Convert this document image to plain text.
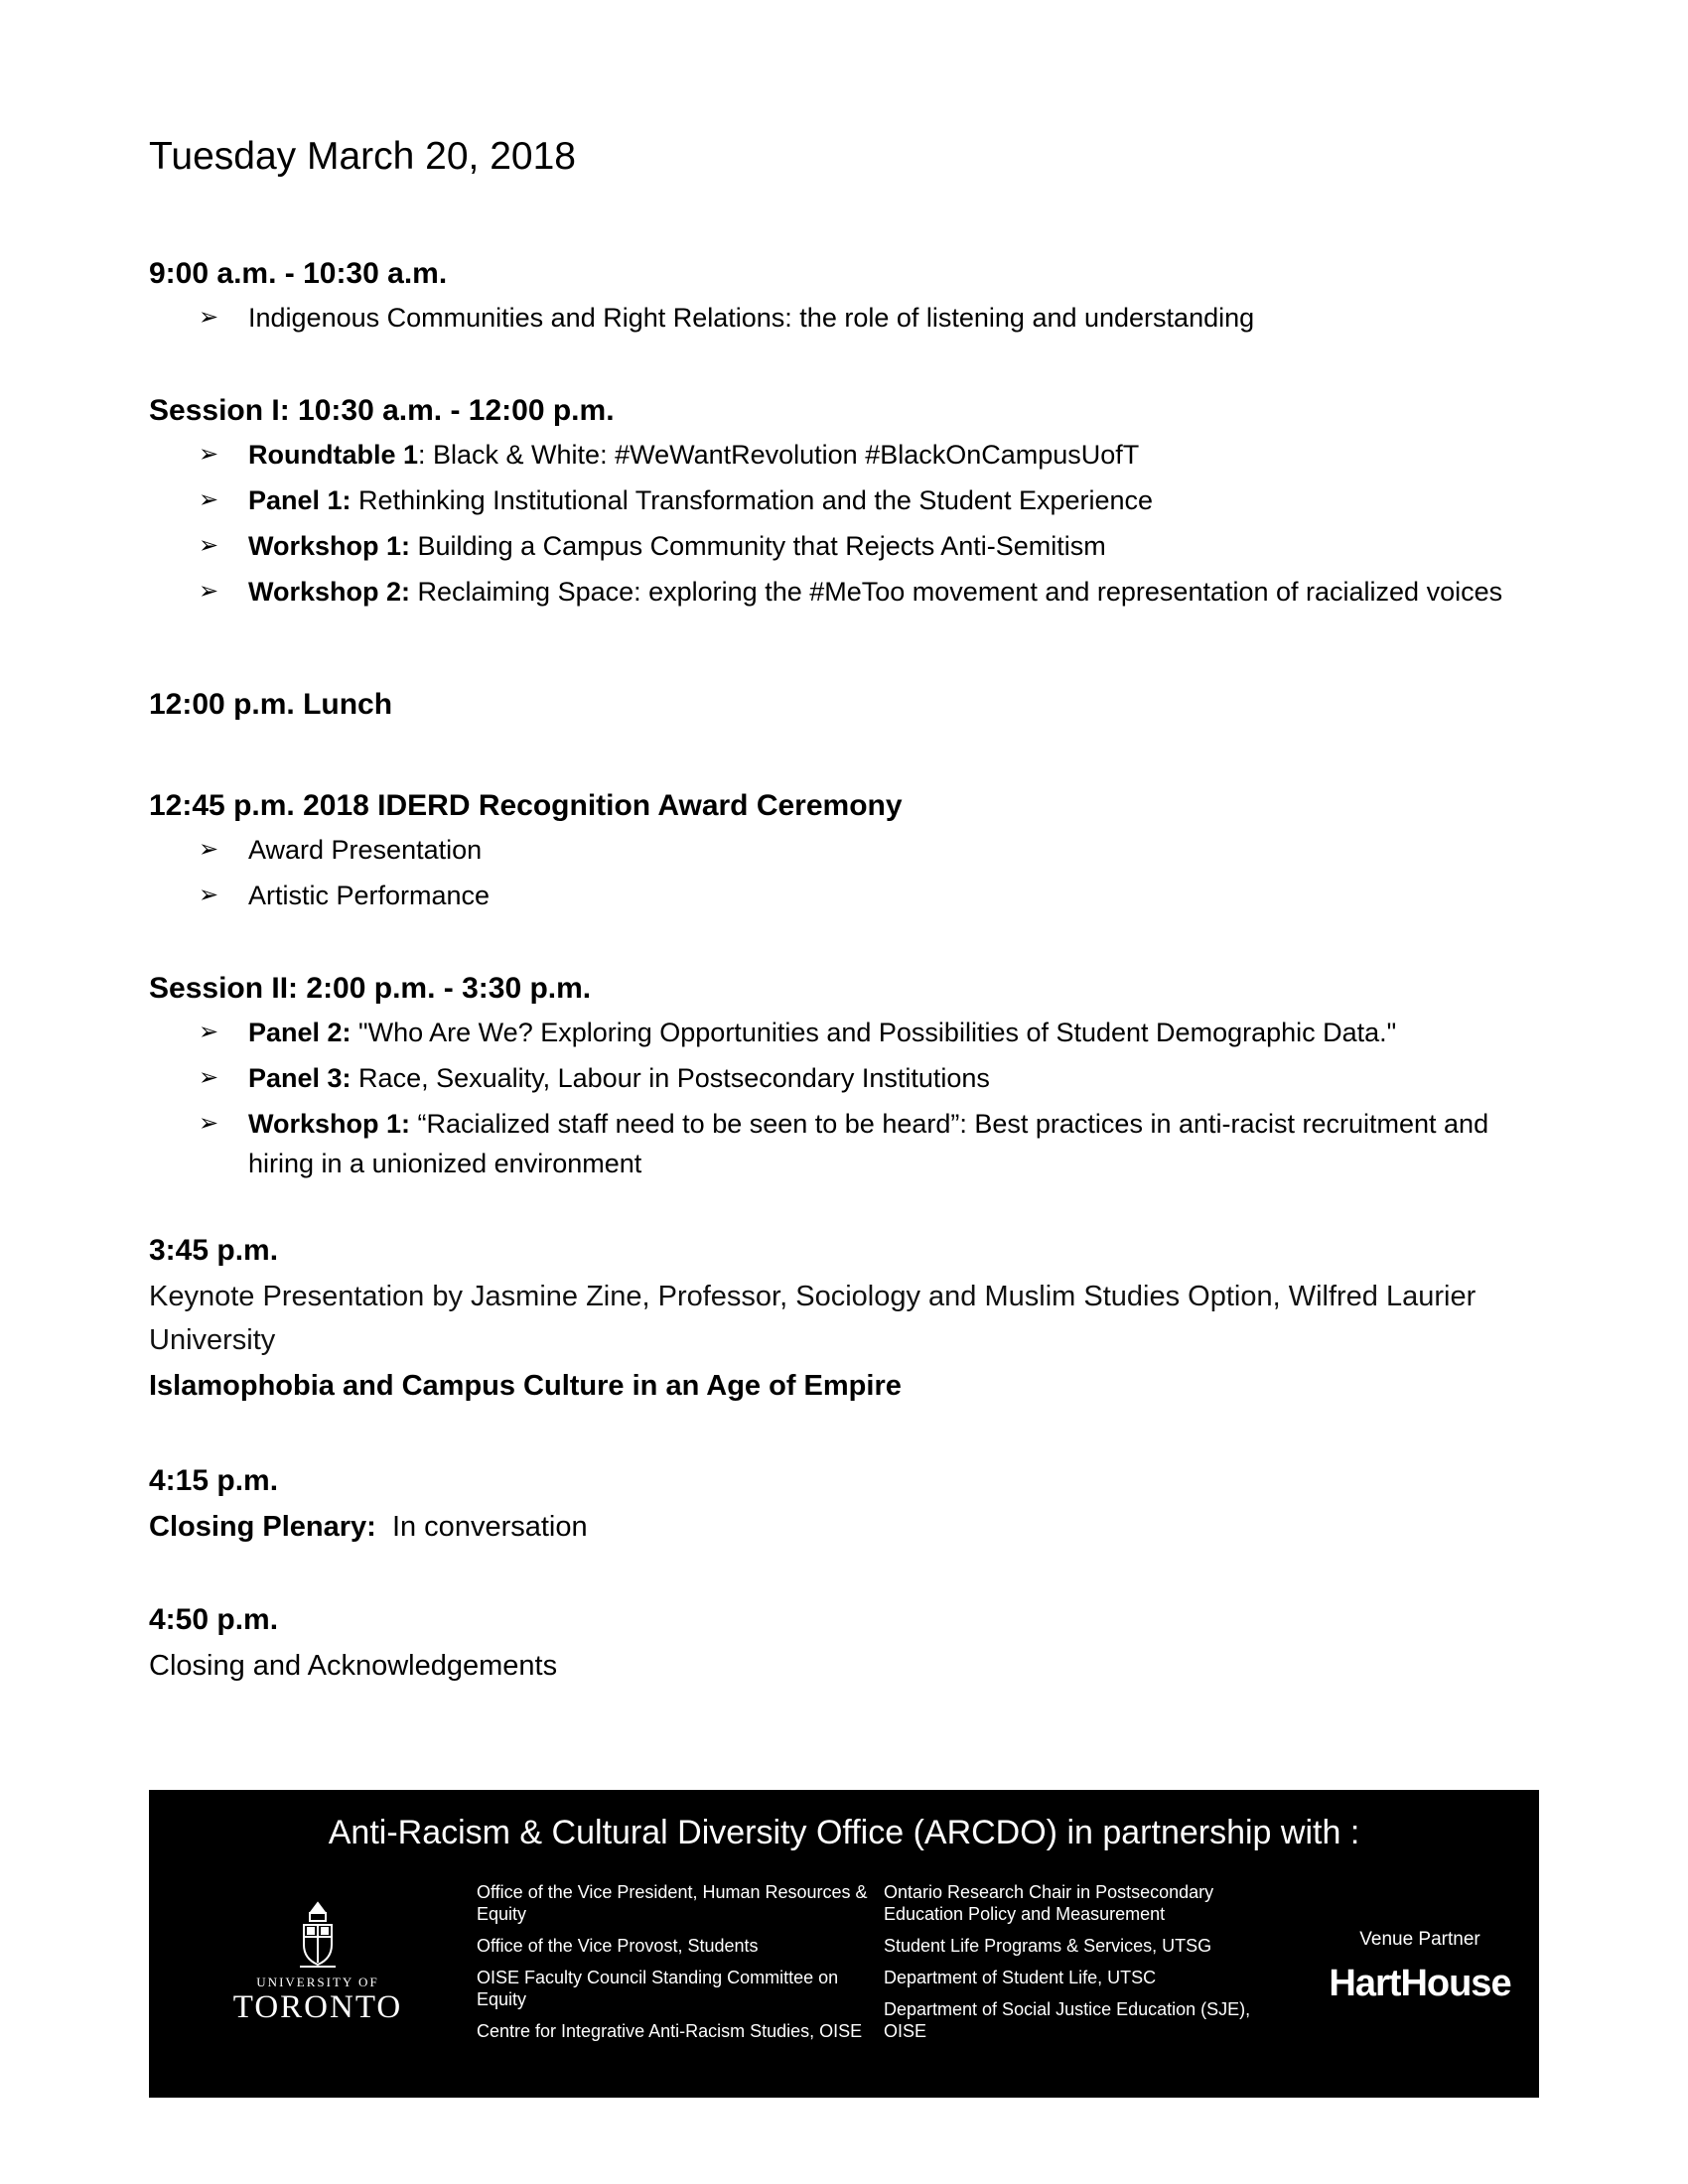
Tuesday March 20, 2018
9:00 a.m. - 10:30 a.m.
➢ Indigenous Communities and Right Relations: the role of listening and understanding
Session I: 10:30 a.m. - 12:00 p.m.
➢ Roundtable 1: Black & White: #WeWantRevolution #BlackOnCampusUofT
➢ Panel 1: Rethinking Institutional Transformation and the Student Experience
➢ Workshop 1: Building a Campus Community that Rejects Anti-Semitism
➢ Workshop 2: Reclaiming Space: exploring the #MeToo movement and representation of racialized voices
12:00 p.m. Lunch
12:45 p.m. 2018 IDERD Recognition Award Ceremony
➢ Award Presentation
➢ Artistic Performance
Session II: 2:00 p.m. - 3:30 p.m.
➢ Panel 2: "Who Are We? Exploring Opportunities and Possibilities of Student Demographic Data."
➢ Panel 3: Race, Sexuality, Labour in Postsecondary Institutions
➢ Workshop 1: “Racialized staff need to be seen to be heard”: Best practices in anti-racist recruitment and hiring in a unionized environment
3:45 p.m.

Keynote Presentation by Jasmine Zine, Professor, Sociology and Muslim Studies Option, Wilfred Laurier University

Islamophobia and Campus Culture in an Age of Empire

4:15 p.m.

Closing Plenary:  In conversation

4:50 p.m.

Closing and Acknowledgements

Anti-Racism & Cultural Diversity Office (ARCDO) in partnership with :
UNIVERSITY OF
TORONTO

Office of the Vice President, Human Resources & Equity

Office of the Vice Provost, Students

OISE Faculty Council Standing Committee on Equity

Centre for Integrative Anti-Racism Studies, OISE

Ontario Research Chair in Postsecondary Education Policy and Measurement

Student Life Programs & Services, UTSG

Department of Student Life, UTSC

Department of Social Justice Education (SJE), OISE

Venue Partner
HartHouse
